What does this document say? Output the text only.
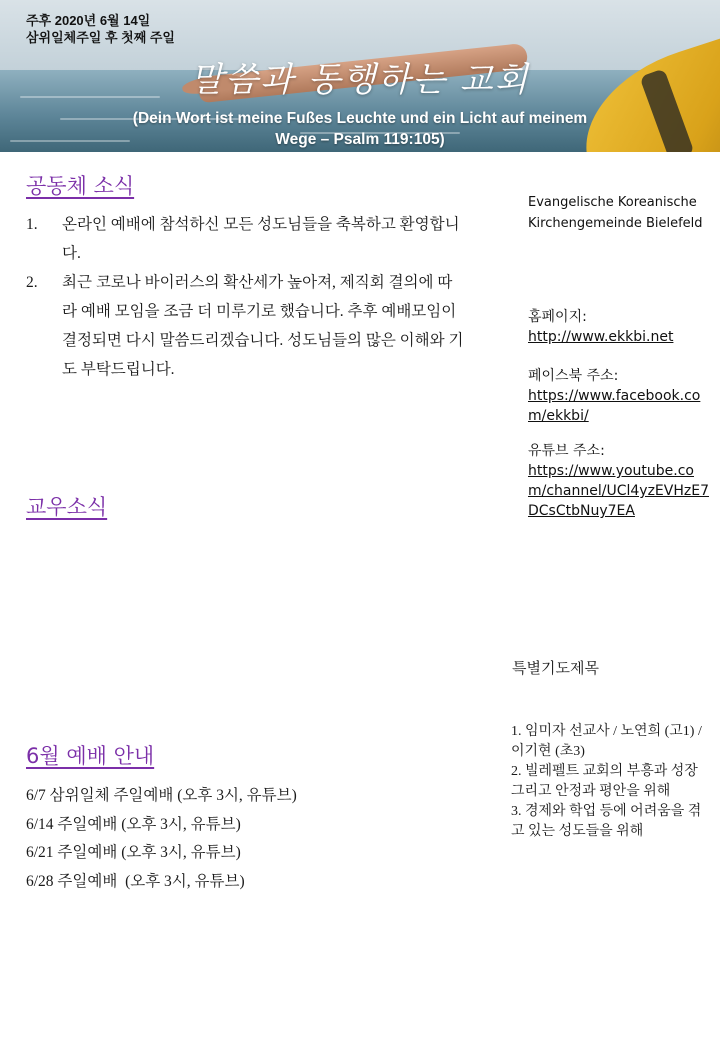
주후 2020년 6월 14일
삼위일체주일 후 첫째 주일
말씀과 동행하는 교회
(Dein Wort ist meine Fußes Leuchte und ein Licht auf meinem Wege – Psalm 119:105)
공동체 소식
1.	온라인 예배에 참석하신 모든 성도님들을 축복하고 환영합니다.
2.	최근 코로나 바이러스의 확산세가 높아져, 제직회 결의에 따라 예배 모임을 조금 더 미루기로 했습니다. 추후 예배모임이 결정되면 다시 말씀드리겠습니다. 성도님들의 많은 이해와 기도 부탁드립니다.
교우소식
6월 예배 안내
6/7 삼위일체 주일예배 (오후 3시, 유튜브)
6/14 주일예배 (오후 3시, 유튜브)
6/21 주일예배 (오후 3시, 유튜브)
6/28 주일예배  (오후 3시, 유튜브)
Evangelische Koreanische
Kirchengemeinde Bielefeld
홈페이지:
http://www.ekkbi.net
페이스북 주소:
https://www.facebook.com/ekkbi/
유튜브 주소:
https://www.youtube.com/channel/UCl4yzEVHzE7DCsCtbNuy7EA
특별기도제목
1. 임미자 선교사 / 노연희 (고1) / 이기현 (초3)
2. 빌레펠트 교회의 부흥과 성장 그리고 안정과 평안을 위해
3. 경제와 학업 등에 어려움을 겪고 있는 성도들을 위해
